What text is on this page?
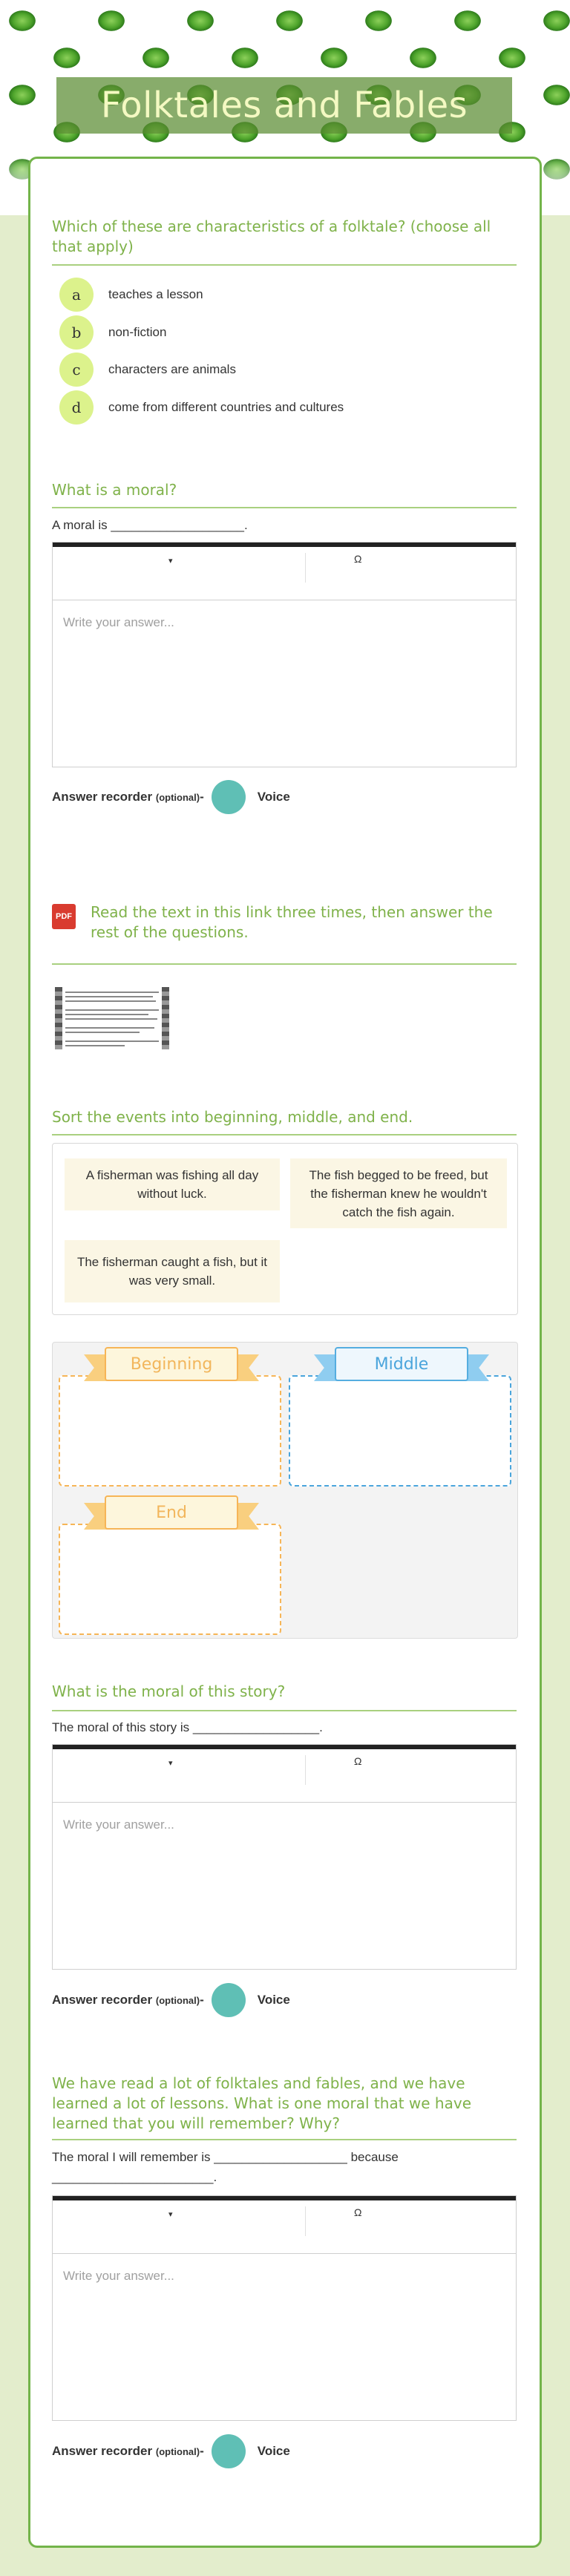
Folktales and Fables
Which of these are characteristics of a folktale? (choose all that apply)
a	teaches a lesson
b	non-fiction
c	characters are animals
d	come from different countries and cultures
What is a moral?
A moral is ___________________.
▾	Ω
Write your answer...
Answer recorder
(optional) -	Voice
PDF Read the text in this link three times, then answer the rest of the questions.
Sort the events into beginning, middle, and end.
A fisherman was fishing all day without luck.
The fish begged to be freed, but the fisherman knew he wouldn't catch the fish again.
The fisherman caught a fish, but it was very small.
Beginning	Middle
End
What is the moral of this story?
The moral of this story is __________________.
▾	Ω
Write your answer...
Answer recorder
(optional) -	Voice
We have read a lot of folktales and fables, and we have learned a lot of lessons. What is one moral that we have learned that you will remember? Why?
The moral I will remember is ___________________ because
_______________________.
▾	Ω
Write your answer...
Answer recorder
(optional) -	Voice
